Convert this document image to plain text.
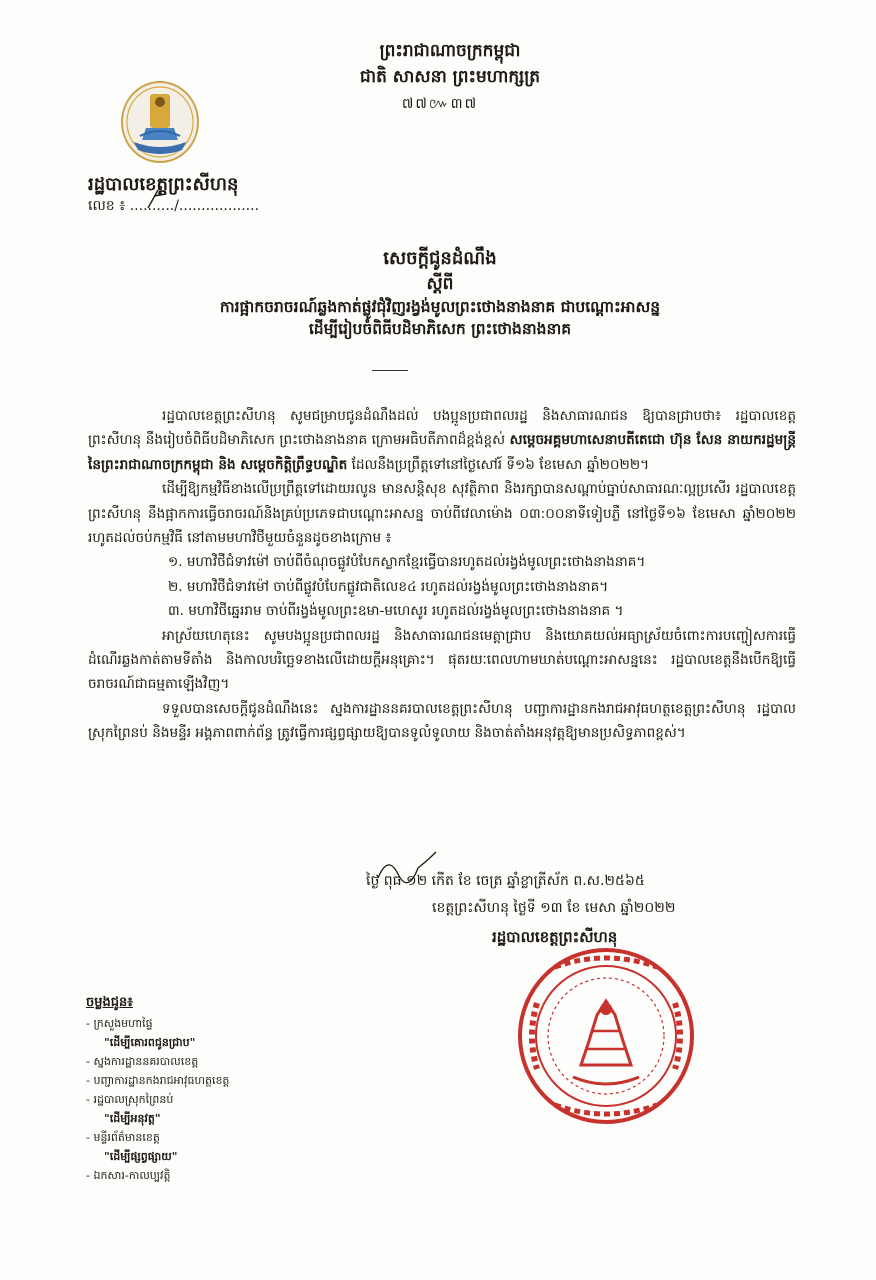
ព្រះរាជាណាចក្រកម្ពុជា
ជាតិ សាសនា ព្រះមហាក្សត្រ
៧៧៚៣៧
រដ្ឋបាលខេត្តព្រះសីហនុ
លេខ ៖ ........../..................
សេចក្តីជូនដំណឹង
ស្តីពី
ការផ្អាកចរាចរណ៍ឆ្លងកាត់ផ្លូវជុំវិញរង្វង់មូលព្រះថោងនាងនាគ ជាបណ្តោះអាសន្ន
ដើម្បីរៀបចំពិធីបដិមាភិសេក ព្រះថោងនាងនាគ

រដ្ឋបាលខេត្តព្រះសីហនុ សូមជម្រាបជូនដំណឹងដល់ បងប្អូនប្រជាពលរដ្ឋ និងសាធារណជន ឱ្យបានជ្រាបថា៖ រដ្ឋបាលខេត្តព្រះសីហនុ នឹងរៀបចំពិធីបដិមាភិសេក ព្រះថោងនាងនាគ ក្រោមអធិបតីភាពដ៏ខ្ពង់ខ្ពស់ សម្តេចអគ្គមហាសេនាបតីតេជោ ហ៊ុន សែន នាយករដ្ឋមន្ត្រី នៃព្រះរាជាណាចក្រកម្ពុជា និង សម្តេចកិត្តិព្រឹទ្ធបណ្ឌិត ដែលនឹងប្រព្រឹត្តទៅនៅថ្ងៃសៅរ៍ ទី១៦ ខែមេសា ឆ្នាំ២០២២។

ដើម្បីឱ្យកម្មវិធីខាងលើប្រព្រឹត្តទៅដោយរលូន មានសន្តិសុខ សុវត្ថិភាព និងរក្សាបានសណ្តាប់ធ្នាប់សាធារណៈល្អប្រសើរ រដ្ឋបាលខេត្តព្រះសីហនុ នឹងផ្អាកការធ្វើចរាចរណ៍និងគ្រប់ប្រភេទជាបណ្តោះអាសន្ន ចាប់ពីវេលាម៉ោង ០៣:០០នាទីទៀបភ្លឺ នៅថ្ងៃទី១៦ ខែមេសា ឆ្នាំ២០២២ រហូតដល់ចប់កម្មវិធី នៅតាមមហាវិថីមួយចំនួនដូចខាងក្រោម ៖

១. មហាវិថីជំទាវម៉ៅ ចាប់ពីចំណុចផ្លូវបំបែកស្លាកខ្មែរធ្វើបានរហូតដល់រង្វង់មូលព្រះថោងនាងនាគ។

២. មហាវិថីជំទាវម៉ៅ ចាប់ពីផ្លូវបំបែកផ្លូវជាតិលេខ៤ រហូតដល់រង្វង់មូលព្រះថោងនាងនាគ។

៣. មហាវិថីឆ្នេររាម ចាប់ពីរង្វង់មូលព្រះឧមា-មហេសូរ រហូតដល់រង្វង់មូលព្រះថោងនាងនាគ ។

អាស្រ័យហេតុនេះ សូមបងប្អូនប្រជាពលរដ្ឋ និងសាធារណជនមេត្តាជ្រាប និងយោគយល់អធ្យាស្រ័យចំពោះការបញ្ចៀសការធ្វើដំណើរឆ្លងកាត់តាមទីតាំង និងកាលបរិច្ឆេទខាងលើដោយក្តីអនុគ្រោះ។ ផុតរយៈពេលហាមឃាត់បណ្តោះអាសន្ននេះ រដ្ឋបាលខេត្តនឹងបើកឱ្យធ្វើចរាចរណ៍ជាធម្មតាឡើងវិញ។

ទទួលបានសេចក្តីជូនដំណឹងនេះ ស្នងការដ្ឋាននគរបាលខេត្តព្រះសីហនុ បញ្ជាការដ្ឋានកងរាជអាវុធហត្ថខេត្តព្រះសីហនុ រដ្ឋបាលស្រុកព្រៃនប់ និងមន្ទីរ អង្គភាពពាក់ព័ន្ធ ត្រូវធ្វើការផ្សព្វផ្សាយឱ្យបានទូលំទូលាយ និងចាត់តាំងអនុវត្តឱ្យមានប្រសិទ្ធភាពខ្ពស់។

ថ្ងៃ ពុធ ១២ កើត ខែ ចេត្រ ឆ្នាំខ្លាត្រីស័ក ព.ស.២៥៦៥
ខេត្តព្រះសីហនុ ថ្ងៃទី ១៣ ខែ មេសា ឆ្នាំ២០២២
រដ្ឋបាលខេត្តព្រះសីហនុ
ចម្លងជូន៖
- ក្រសួងមហាផ្ទៃ
"ដើម្បីគោរពជូនជ្រាប"
- ស្នងការដ្ឋាននគរបាលខេត្ត
- បញ្ជាការដ្ឋានកងរាជអាវុធហត្ថខេត្ត
- រដ្ឋបាលស្រុកព្រៃនប់
"ដើម្បីអនុវត្ត"
- មន្ទីរព័ត៌មានខេត្ត
"ដើម្បីផ្សព្វផ្សាយ"
- ឯកសារ-កាលប្បវត្តិ
